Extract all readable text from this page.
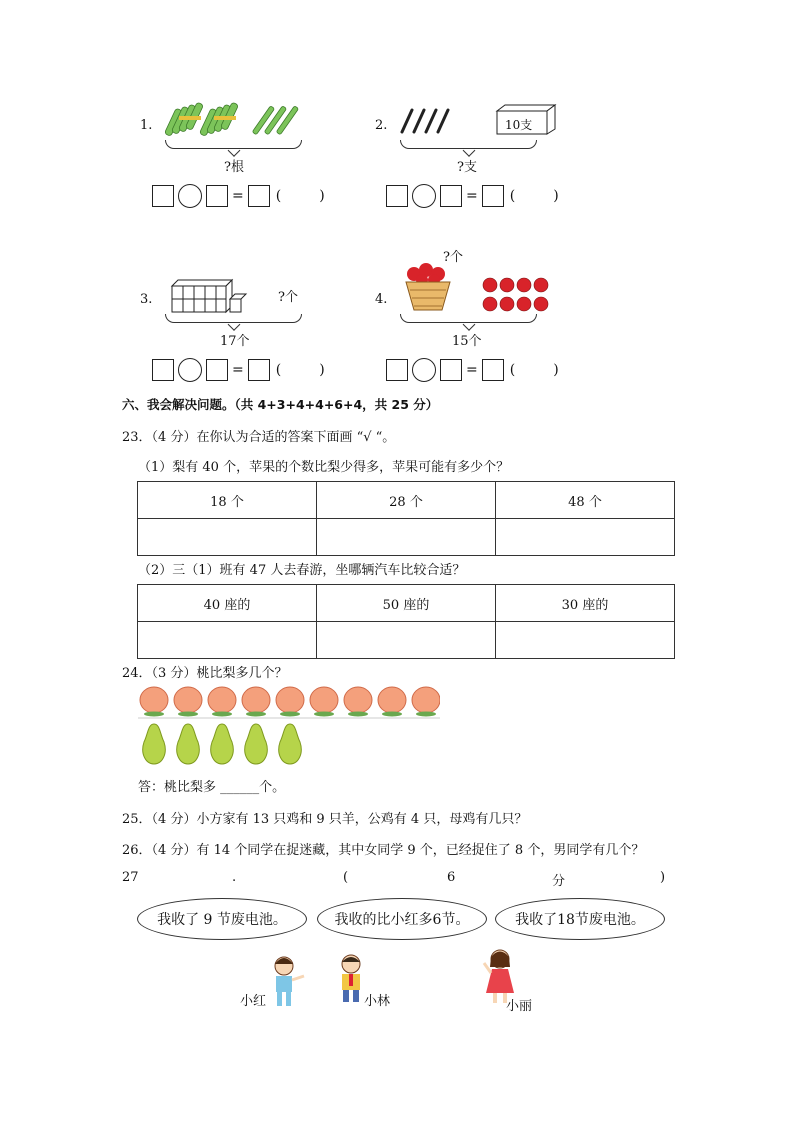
1.
?根
= (	)
2.	10支
?支
= (	)
3.	?个
17个
= (	)
4.
?个
15个
= (	)
六、我会解决问题。（共 4+3+4+4+6+4，共 25 分）
23．（4 分）在你认为合适的答案下面画 “√ “。
（1）梨有 40 个，苹果的个数比梨少得多，苹果可能有多少个？
18 个	28 个	48 个

（2）三（1）班有 47 人去春游，坐哪辆汽车比较合适？
40 座的	50 座的	30 座的

24．（3 分）桃比梨多几个？
答：桃比梨多 ______个。
25．（4 分）小方家有 13 只鸡和 9 只羊，公鸡有 4 只，母鸡有几只？
26．（4 分）有 14 个同学在捉迷藏，其中女同学 9 个，已经捉住了 8 个，男同学有几个？
27	.	(	6	分	)
我收了 9 节废电池。	我收的比小红多6节。	我收了18节废电池。
小红	小林	小丽
